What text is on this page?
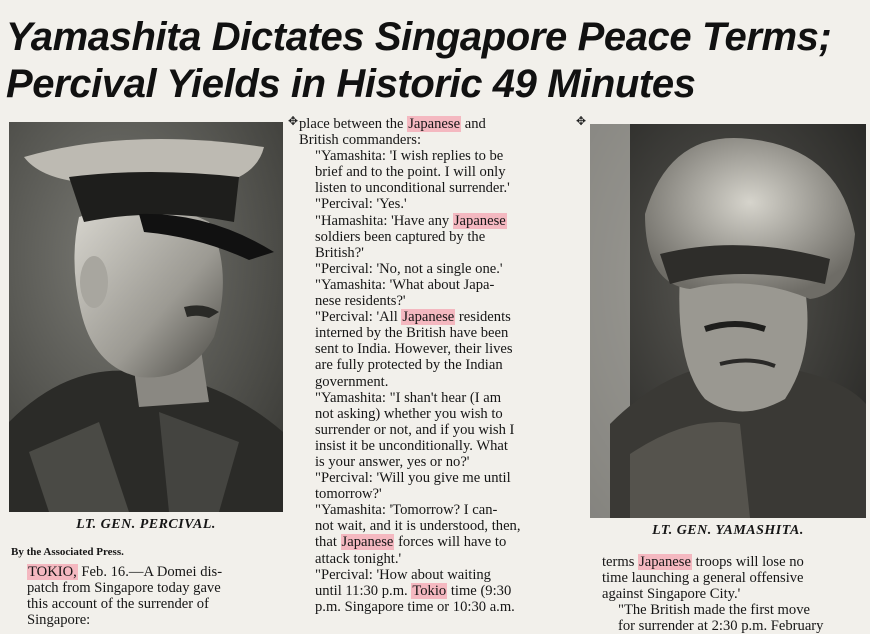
Yamashita Dictates Singapore Peace Terms;
Percival Yields in Historic 49 Minutes
LT. GEN. PERCIVAL.	LT. GEN. YAMASHITA.
✥	✥
By the Associated Press.

TOKIO, Feb. 16.—A Domei dis-
patch from Singapore today gave
this account of the surrender of
Singapore:

place between the Japanese and
British commanders:

"Yamashita: 'I wish replies to be
brief and to the point. I will only
listen to unconditional surrender.'

"Percival: 'Yes.'

"Hamashita: 'Have any Japanese
soldiers been captured by the
British?'

"Percival: 'No, not a single one.'

"Yamashita: 'What about Japa-
nese residents?'

"Percival: 'All Japanese residents
interned by the British have been
sent to India. However, their lives
are fully protected by the Indian
government.

"Yamashita: "I shan't hear (I am
not asking) whether you wish to
surrender or not, and if you wish I
insist it be unconditionally. What
is your answer, yes or no?'

"Percival: 'Will you give me until
tomorrow?'

"Yamashita: 'Tomorrow? I can-
not wait, and it is understood, then,
that Japanese forces will have to
attack tonight.'

"Percival: 'How about waiting
until 11:30 p.m. Tokio time (9:30
p.m. Singapore time or 10:30 a.m.

terms Japanese troops will lose no
time launching a general offensive
against Singapore City.'

"The British made the first move
for surrender at 2:30 p.m. February
